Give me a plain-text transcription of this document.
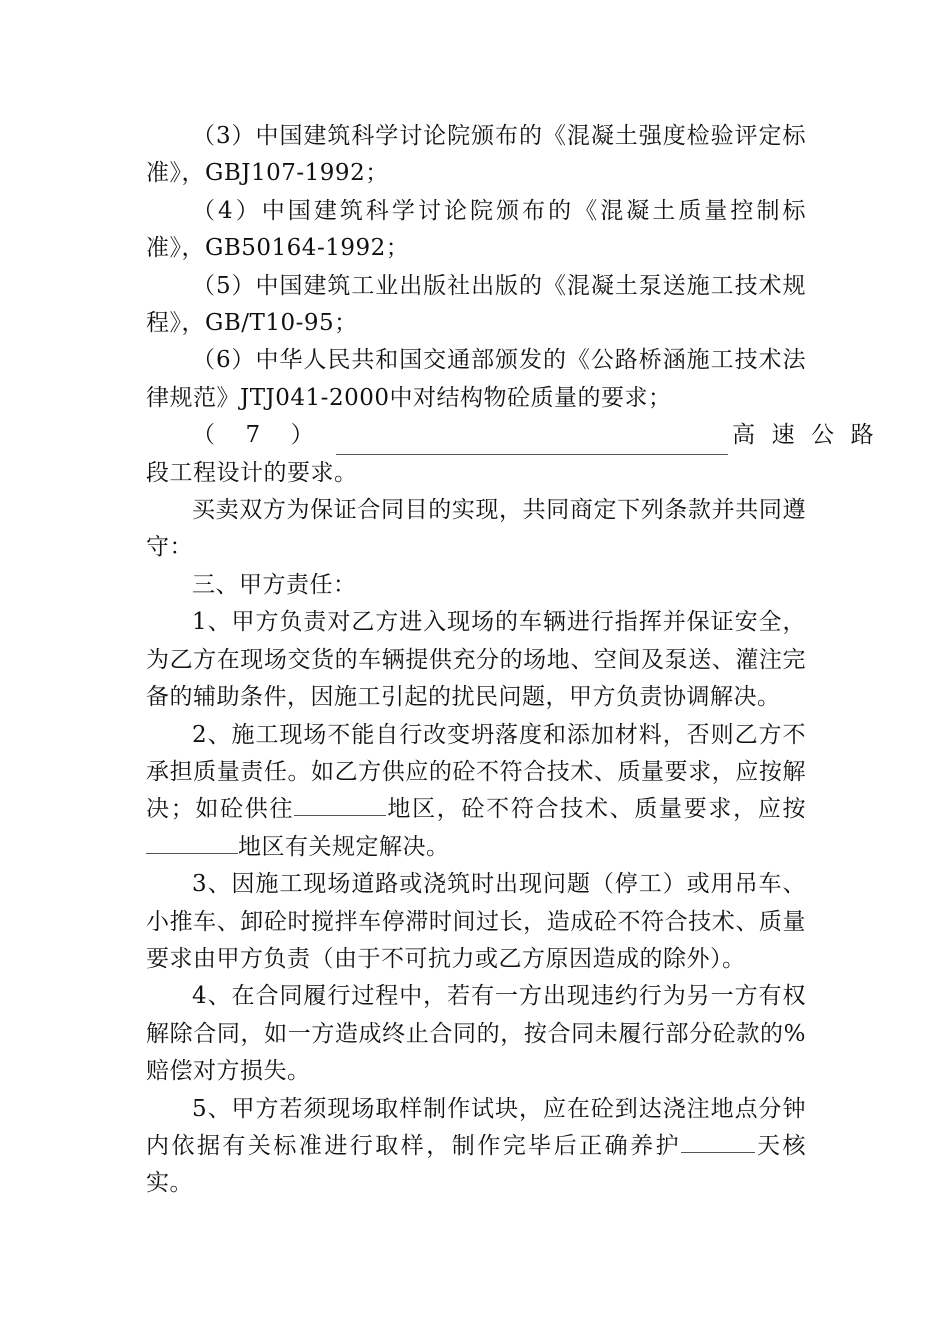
（3）中国建筑科学讨论院颁布的《混凝土强度检验评定标准》，GBJ107-1992；

（4）中国建筑科学讨论院颁布的《混凝土质量控制标准》，GB50164-1992；

（5）中国建筑工业出版社出版的《混凝土泵送施工技术规程》，GB/T10-95；

（6）中华人民共和国交通部颁发的《公路桥涵施工技术法律规范》JTJ041-2000中对结构物砼质量的要求；

（ 7 ）	高 速 公 路

段工程设计的要求。

买卖双方为保证合同目的实现，共同商定下列条款并共同遵守：

三、甲方责任：

1、甲方负责对乙方进入现场的车辆进行指挥并保证安全，为乙方在现场交货的车辆提供充分的场地、空间及泵送、灌注完备的辅助条件，因施工引起的扰民问题，甲方负责协调解决。

2、施工现场不能自行改变坍落度和添加材料，否则乙方不承担质量责任。如乙方供应的砼不符合技术、质量要求，应按解决；如砼供往	地区，砼不符合技术、质量要求，应按地区有关规定解决。

3、因施工现场道路或浇筑时出现问题（停工）或用吊车、小推车、卸砼时搅拌车停滞时间过长，造成砼不符合技术、质量要求由甲方负责（由于不可抗力或乙方原因造成的除外）。

4、在合同履行过程中，若有一方出现违约行为另一方有权解除合同，如一方造成终止合同的，按合同未履行部分砼款的%赔偿对方损失。

5、甲方若须现场取样制作试块，应在砼到达浇注地点分钟内依据有关标准进行取样，制作完毕后正确养护	天核实。
